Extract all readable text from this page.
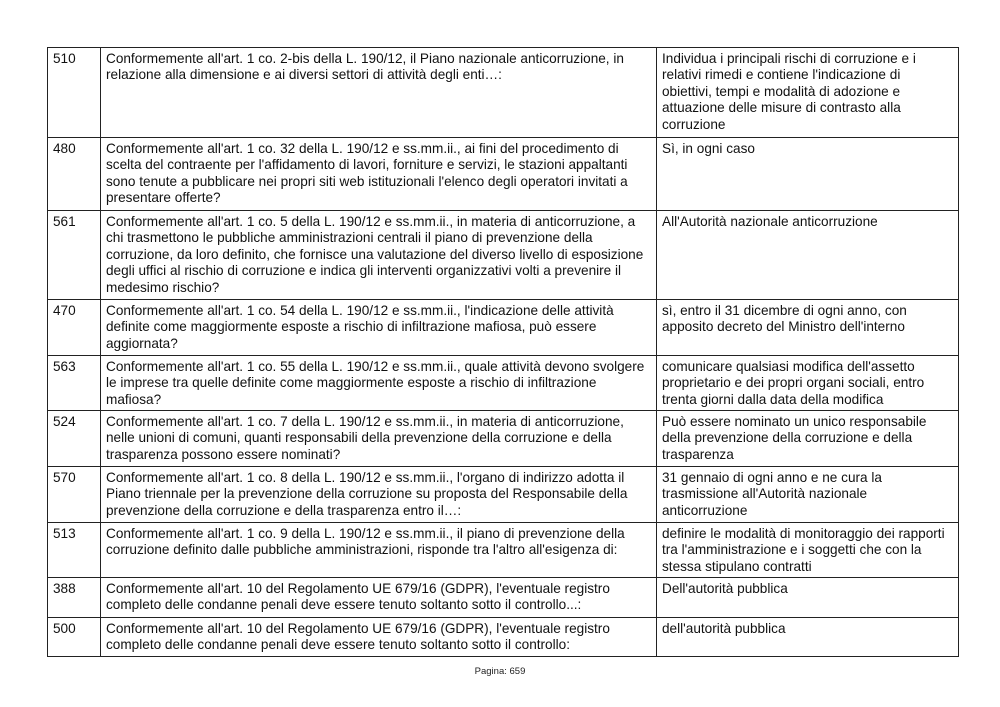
510	Conformemente all'art. 1 co. 2-bis della L. 190/12, il Piano nazionale anticorruzione, in relazione alla dimensione e ai diversi settori di attività degli enti…:	Individua i principali rischi di corruzione e i relativi rimedi e contiene l'indicazione di obiettivi, tempi e modalità di adozione e attuazione delle misure di contrasto alla corruzione
480	Conformemente all'art. 1 co. 32 della L. 190/12 e ss.mm.ii., ai fini del procedimento di scelta del contraente per l'affidamento di lavori, forniture e servizi, le stazioni appaltanti sono tenute a pubblicare nei propri siti web istituzionali l'elenco degli operatori invitati a presentare offerte?	Sì, in ogni caso
561	Conformemente all'art. 1 co. 5 della L. 190/12 e ss.mm.ii., in materia di anticorruzione, a chi trasmettono le pubbliche amministrazioni centrali il piano di prevenzione della corruzione, da loro definito, che fornisce una valutazione del diverso livello di esposizione degli uffici al rischio di corruzione e indica gli interventi organizzativi volti a prevenire il medesimo rischio?	All'Autorità nazionale anticorruzione
470	Conformemente all'art. 1 co. 54 della L. 190/12 e ss.mm.ii., l'indicazione delle attività definite come maggiormente esposte a rischio di infiltrazione mafiosa, può essere aggiornata?	sì, entro il 31 dicembre di ogni anno, con apposito decreto del Ministro dell'interno
563	Conformemente all'art. 1 co. 55 della L. 190/12 e ss.mm.ii., quale attività devono svolgere le imprese tra quelle definite come maggiormente esposte a rischio di infiltrazione mafiosa?	comunicare qualsiasi modifica dell'assetto proprietario e dei propri organi sociali, entro trenta giorni dalla data della modifica
524	Conformemente all'art. 1 co. 7 della L. 190/12 e ss.mm.ii., in materia di anticorruzione, nelle unioni di comuni, quanti responsabili della prevenzione della corruzione e della trasparenza possono essere nominati?	Può essere nominato un unico responsabile della prevenzione della corruzione e della trasparenza
570	Conformemente all'art. 1 co. 8 della L. 190/12 e ss.mm.ii., l'organo di indirizzo adotta il Piano triennale per la prevenzione della corruzione su proposta del Responsabile della prevenzione della corruzione e della trasparenza entro il…:	31 gennaio di ogni anno e ne cura la trasmissione all'Autorità nazionale anticorruzione
513	Conformemente all'art. 1 co. 9 della L. 190/12 e ss.mm.ii., il piano di prevenzione della corruzione definito dalle pubbliche amministrazioni, risponde tra l'altro all'esigenza di:	definire le modalità di monitoraggio dei rapporti tra l'amministrazione e i soggetti che con la stessa stipulano contratti
388	Conformemente all'art. 10 del Regolamento UE 679/16 (GDPR), l'eventuale registro completo delle condanne penali deve essere tenuto soltanto sotto il controllo...:	Dell'autorità pubblica
500	Conformemente all'art. 10 del Regolamento UE 679/16 (GDPR), l'eventuale registro completo delle condanne penali deve essere tenuto soltanto sotto il controllo:	dell'autorità pubblica
Pagina: 659
